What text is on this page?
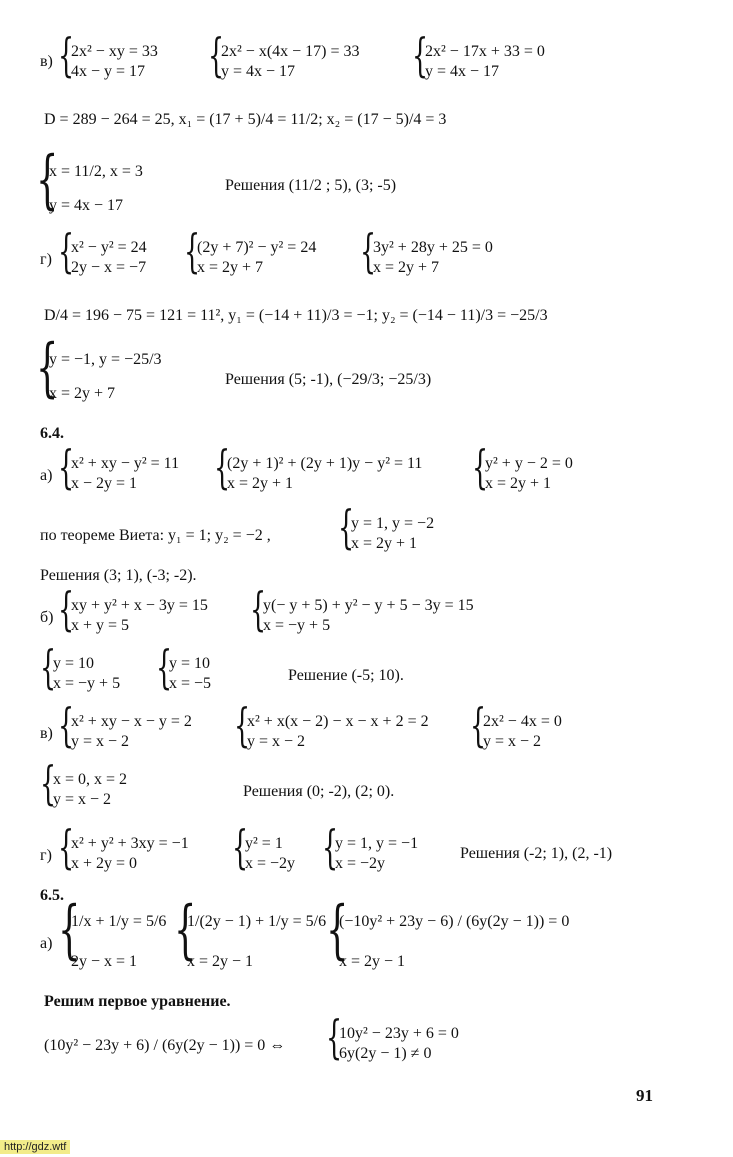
в)
{ 2x² − xy = 33
4x − y = 17
{ 2x² − x(4x − 17) = 33
y = 4x − 17
{ 2x² − 17x + 33 = 0
y = 4x − 17
D = 289 − 264 = 25, x₁ = (17 + 5)/4 = 11/2; x₂ = (17 − 5)/4 = 3
{ x = 11/2, x = 3
y = 4x − 17
Решения (11/2 ; 5), (3; -5)
г)
{ x² − y² = 24
2y − x = −7
{ (2y + 7)² − y² = 24
x = 2y + 7
{ 3y² + 28y + 25 = 0
x = 2y + 7
D/4 = 196 − 75 = 121 = 11², y₁ = (−14 + 11)/3 = −1; y₂ = (−14 − 11)/3 = −25/3
{ y = −1, y = −25/3
x = 2y + 7
Решения (5; -1), (−29/3; −25/3)
6.4.
а)
{ x² + xy − y² = 11
x − 2y = 1
{ (2y + 1)² + (2y + 1)y − y² = 11
x = 2y + 1
{ y² + y − 2 = 0
x = 2y + 1
по теореме Виета: y₁ = 1; y₂ = −2 ,
{ y = 1, y = −2
x = 2y + 1
Решения (3; 1), (-3; -2).
б)
{ xy + y² + x − 3y = 15
x + y = 5
{ y(− y + 5) + y² − y + 5 − 3y = 15
x = −y + 5
{ y = 10
x = −y + 5
{ y = 10
x = −5	Решение (-5; 10).
в)
{ x² + xy − x − y = 2
y = x − 2
{ x² + x(x − 2) − x − x + 2 = 2
y = x − 2
{ 2x² − 4x = 0
y = x − 2
{ x = 0, x = 2
y = x − 2	Решения (0; -2), (2; 0).
г)
{ x² + y² + 3xy = −1
x + 2y = 0
{ y² = 1
x = −2y
{ y = 1, y = −1
x = −2y
Решения (-2; 1), (2, -1)
6.5.
а)
{ 1/x + 1/y = 5/6
2y − x = 1
{ 1/(2y − 1) + 1/y = 5/6
x = 2y − 1
{ (−10y² + 23y − 6) / (6y(2y − 1)) = 0
x = 2y − 1
Решим первое уравнение.
(10y² − 23y + 6) / (6y(2y − 1)) = 0 ⇔
{ 10y² − 23y + 6 = 0
6y(2y − 1) ≠ 0
91
http://gdz.wtf
